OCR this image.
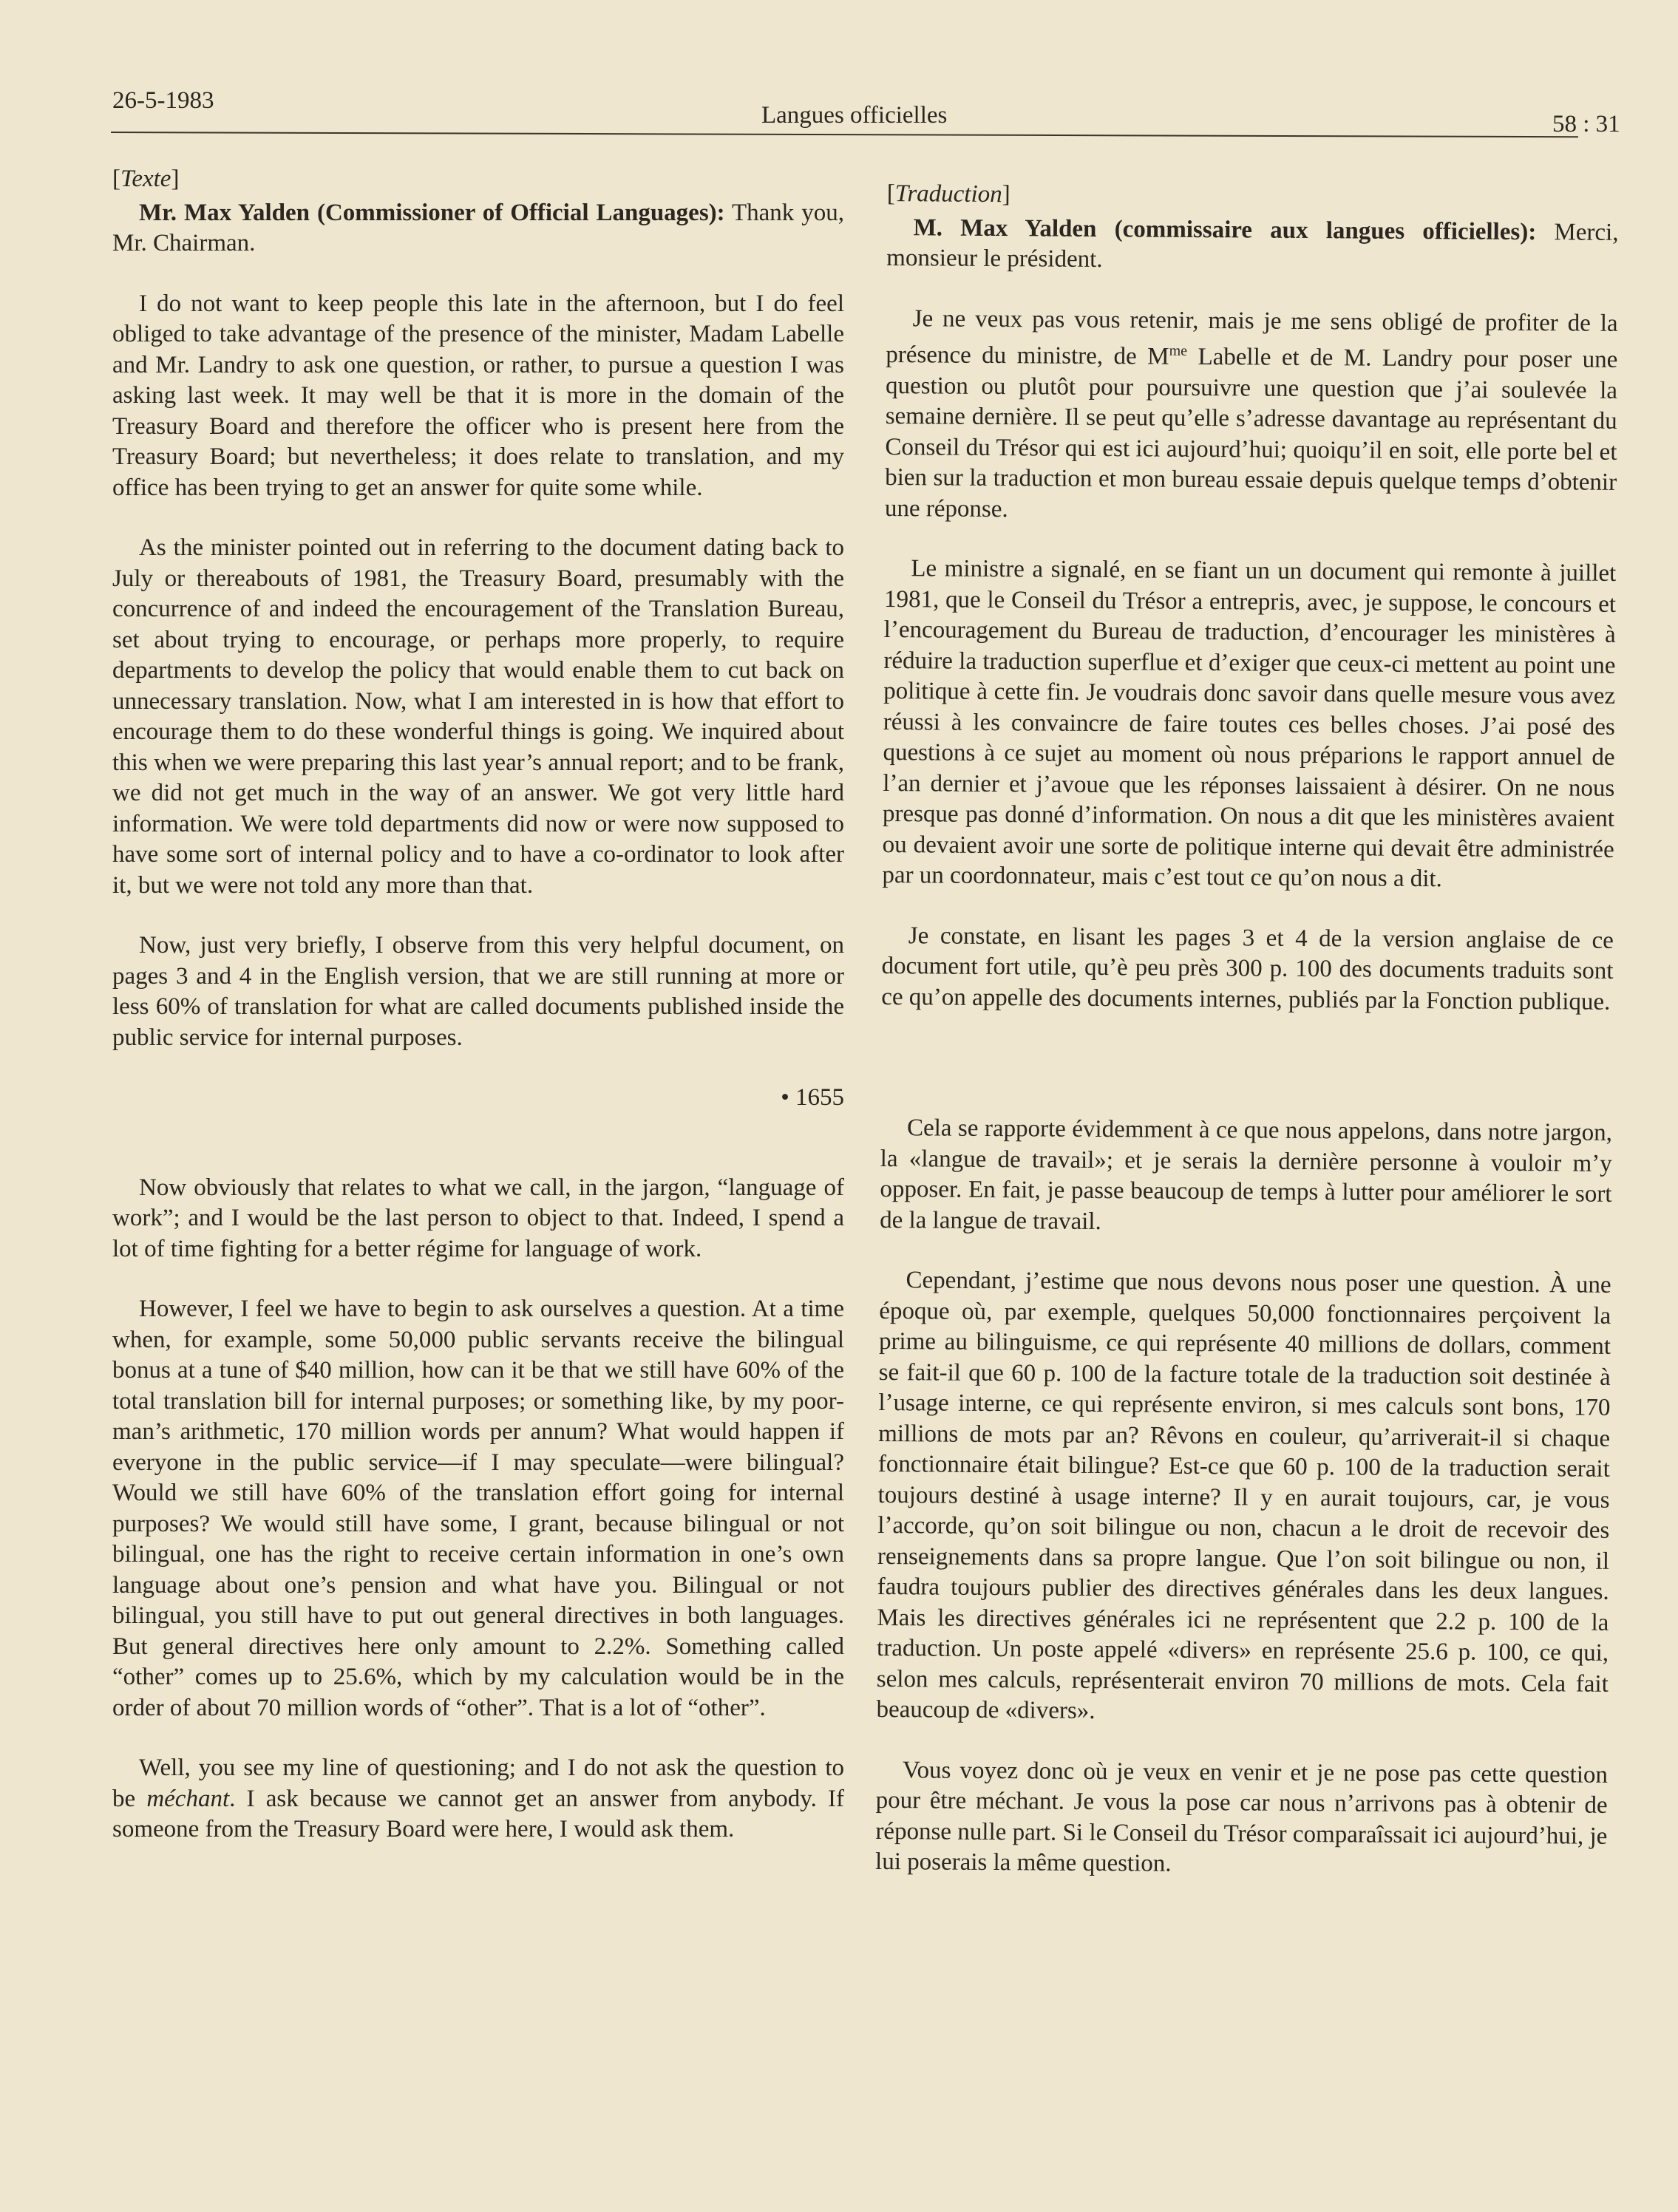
26-5-1983
Langues officielles	58 : 31
[Texte]

Mr. Max Yalden (Commissioner of Official Languages): Thank you, Mr. Chairman.

I do not want to keep people this late in the afternoon, but I do feel obliged to take advantage of the presence of the minister, Madam Labelle and Mr. Landry to ask one question, or rather, to pursue a question I was asking last week. It may well be that it is more in the domain of the Treasury Board and therefore the officer who is present here from the Treasury Board; but nevertheless; it does relate to translation, and my office has been trying to get an answer for quite some while.

As the minister pointed out in referring to the document dating back to July or thereabouts of 1981, the Treasury Board, presumably with the concurrence of and indeed the encouragement of the Translation Bureau, set about trying to encourage, or perhaps more properly, to require departments to develop the policy that would enable them to cut back on unnecessary translation. Now, what I am interested in is how that effort to encourage them to do these wonderful things is going. We inquired about this when we were preparing this last year’s annual report; and to be frank, we did not get much in the way of an answer. We got very little hard information. We were told departments did now or were now supposed to have some sort of internal policy and to have a co-ordinator to look after it, but we were not told any more than that.

Now, just very briefly, I observe from this very helpful document, on pages 3 and 4 in the English version, that we are still running at more or less 60% of translation for what are called documents published inside the public service for internal purposes.

• 1655

Now obviously that relates to what we call, in the jargon, “language of work”; and I would be the last person to object to that. Indeed, I spend a lot of time fighting for a better régime for language of work.

However, I feel we have to begin to ask ourselves a question. At a time when, for example, some 50,000 public servants receive the bilingual bonus at a tune of $40 million, how can it be that we still have 60% of the total translation bill for internal purposes; or something like, by my poor-man’s arithmetic, 170 million words per annum? What would happen if everyone in the public service—if I may speculate—were bilingual? Would we still have 60% of the translation effort going for internal purposes? We would still have some, I grant, because bilingual or not bilingual, one has the right to receive certain information in one’s own language about one’s pension and what have you. Bilingual or not bilingual, you still have to put out general directives in both languages. But general directives here only amount to 2.2%. Something called “other” comes up to 25.6%, which by my calculation would be in the order of about 70 million words of “other”. That is a lot of “other”.

Well, you see my line of questioning; and I do not ask the question to be méchant. I ask because we cannot get an answer from anybody. If someone from the Treasury Board were here, I would ask them.

[Traduction]

M. Max Yalden (commissaire aux langues officielles): Merci, monsieur le président.

Je ne veux pas vous retenir, mais je me sens obligé de profiter de la présence du ministre, de $M^{me}$ Labelle et de M. Landry pour poser une question ou plutôt pour poursuivre une question que j’ai soulevée la semaine dernière. Il se peut qu’elle s’adresse davantage au représentant du Conseil du Trésor qui est ici aujourd’hui; quoiqu’il en soit, elle porte bel et bien sur la traduction et mon bureau essaie depuis quelque temps d’obtenir une réponse.

Le ministre a signalé, en se fiant un un document qui remonte à juillet 1981, que le Conseil du Trésor a entrepris, avec, je suppose, le concours et l’encouragement du Bureau de traduction, d’encourager les ministères à réduire la traduction superflue et d’exiger que ceux-ci mettent au point une politique à cette fin. Je voudrais donc savoir dans quelle mesure vous avez réussi à les convaincre de faire toutes ces belles choses. J’ai posé des questions à ce sujet au moment où nous préparions le rapport annuel de l’an dernier et j’avoue que les réponses laissaient à désirer. On ne nous presque pas donné d’information. On nous a dit que les ministères avaient ou devaient avoir une sorte de politique interne qui devait être administrée par un coordonnateur, mais c’est tout ce qu’on nous a dit.

Je constate, en lisant les pages 3 et 4 de la version anglaise de ce document fort utile, qu’è peu près 300 p. 100 des documents traduits sont ce qu’on appelle des documents internes, publiés par la Fonction publique.

Cela se rapporte évidemment à ce que nous appelons, dans notre jargon, la «langue de travail»; et je serais la dernière personne à vouloir m’y opposer. En fait, je passe beaucoup de temps à lutter pour améliorer le sort de la langue de travail.

Cependant, j’estime que nous devons nous poser une question. À une époque où, par exemple, quelques 50,000 fonctionnaires perçoivent la prime au bilinguisme, ce qui représente 40 millions de dollars, comment se fait-il que 60 p. 100 de la facture totale de la traduction soit destinée à l’usage interne, ce qui représente environ, si mes calculs sont bons, 170 millions de mots par an? Rêvons en couleur, qu’arriverait-il si chaque fonctionnaire était bilingue? Est-ce que 60 p. 100 de la traduction serait toujours destiné à usage interne? Il y en aurait toujours, car, je vous l’accorde, qu’on soit bilingue ou non, chacun a le droit de recevoir des renseignements dans sa propre langue. Que l’on soit bilingue ou non, il faudra toujours publier des directives générales dans les deux langues. Mais les directives générales ici ne représentent que 2.2 p. 100 de la traduction. Un poste appelé «divers» en représente 25.6 p. 100, ce qui, selon mes calculs, représenterait environ 70 millions de mots. Cela fait beaucoup de «divers».

Vous voyez donc où je veux en venir et je ne pose pas cette question pour être méchant. Je vous la pose car nous n’arrivons pas à obtenir de réponse nulle part. Si le Conseil du Trésor comparaîssait ici aujourd’hui, je lui poserais la même question.
